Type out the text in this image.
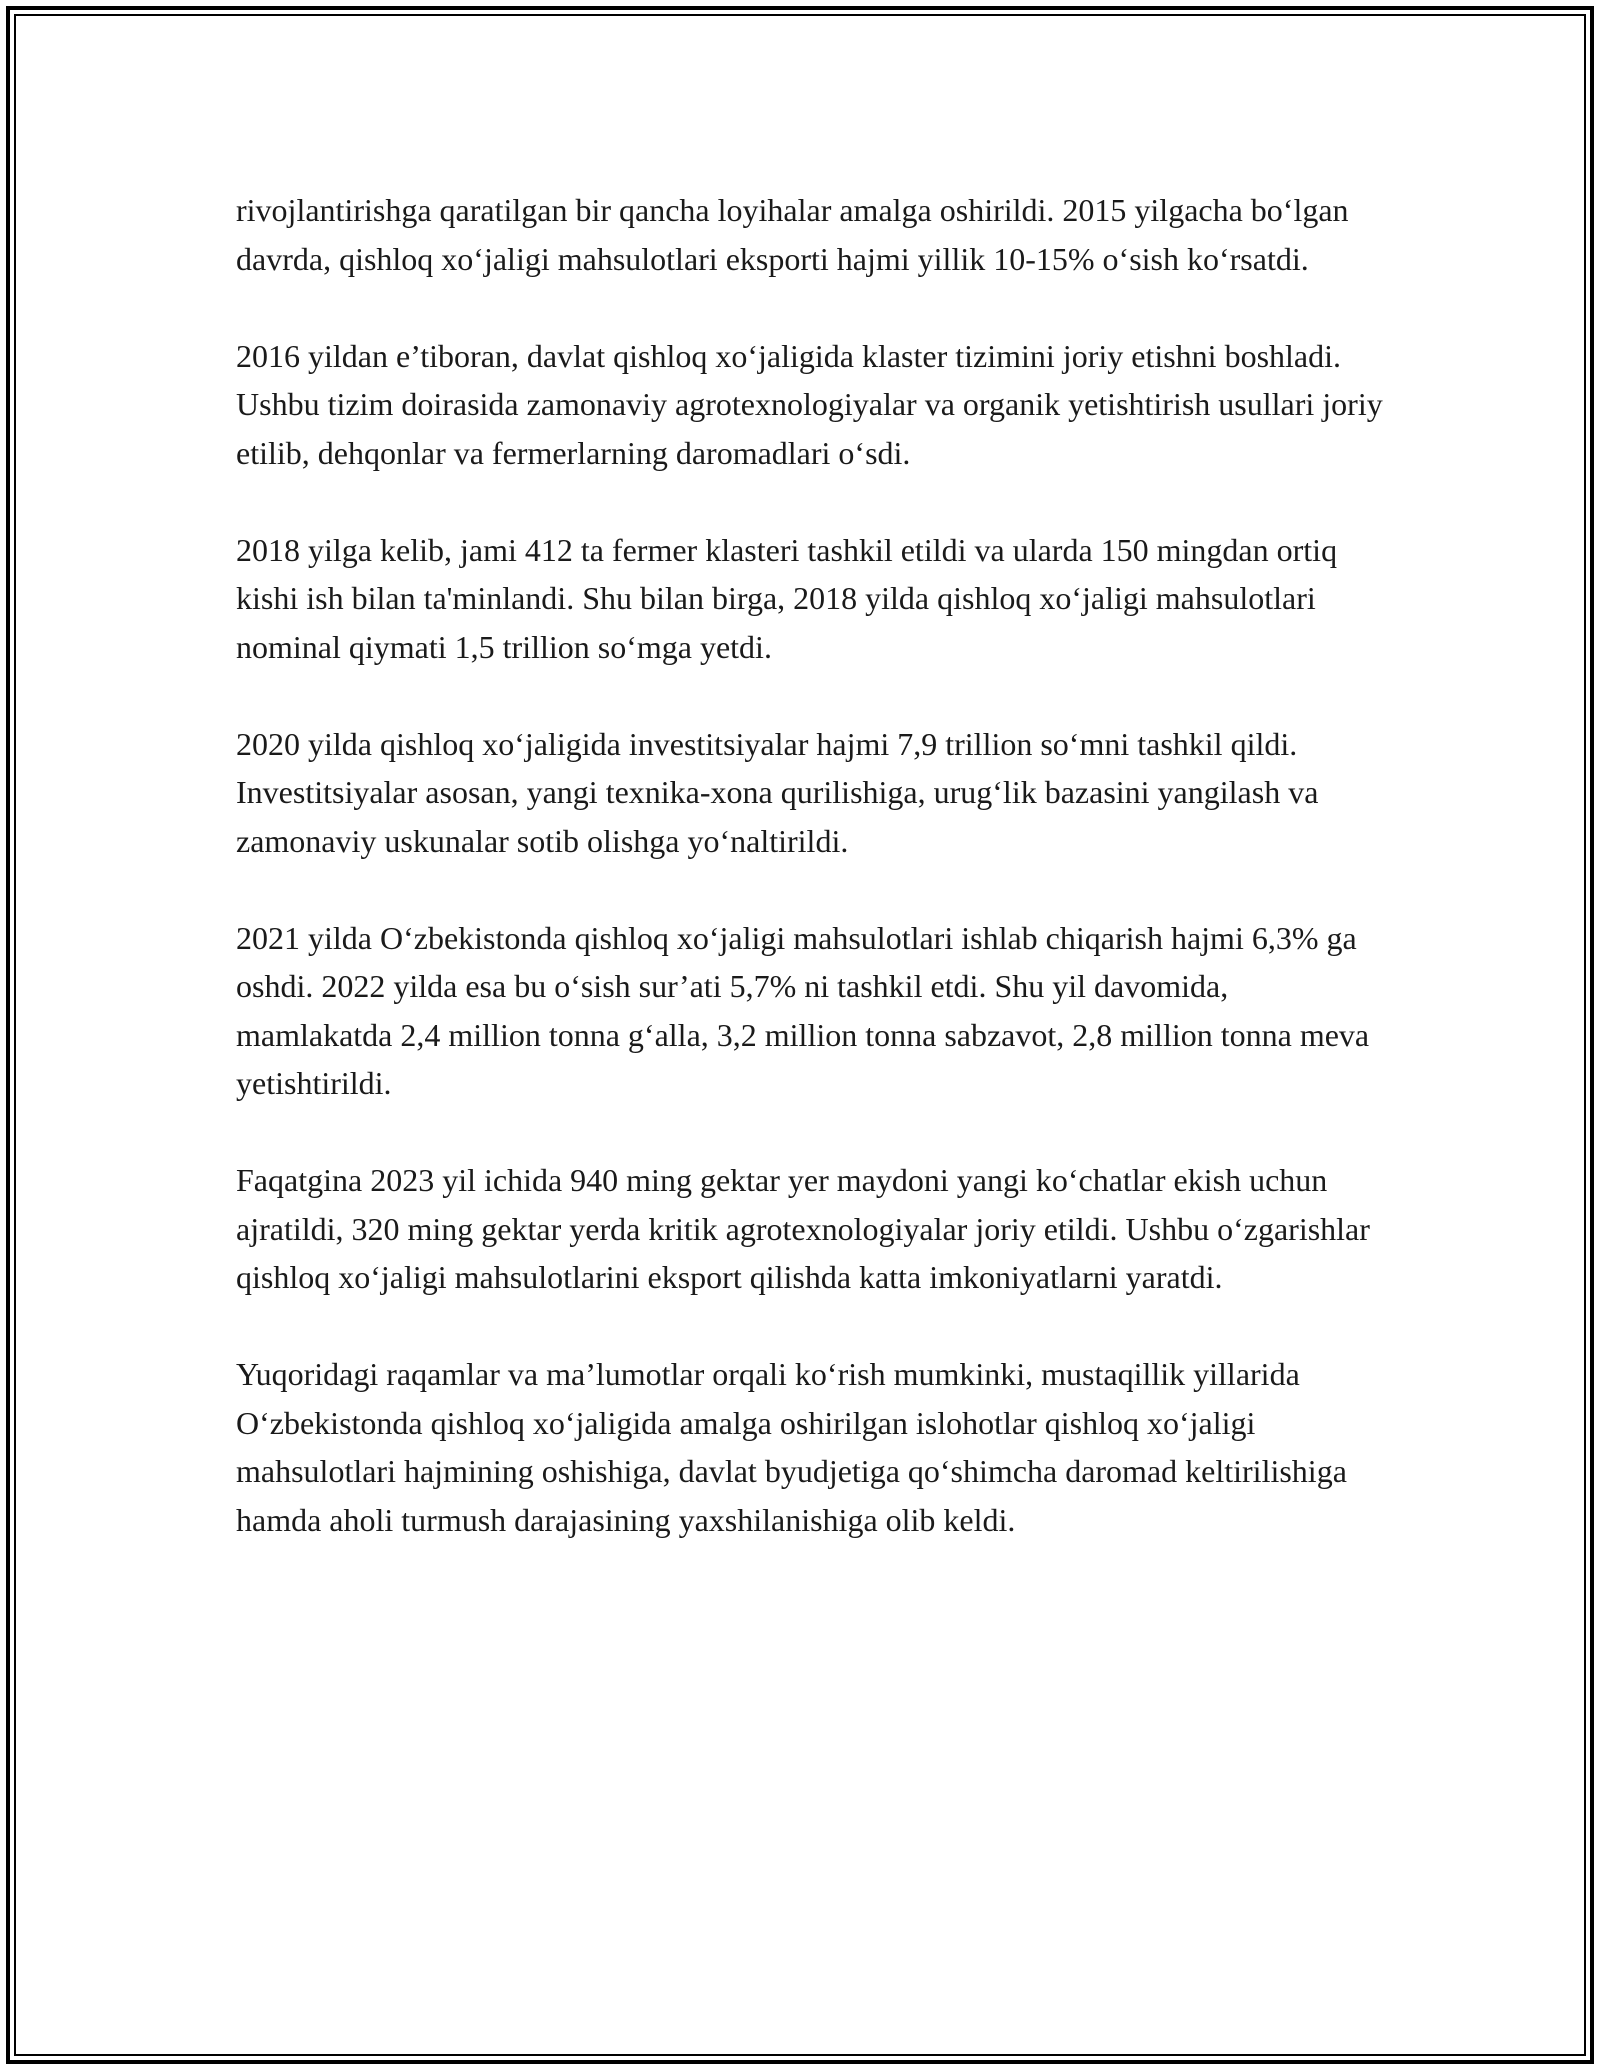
rivojlantirishga qaratilgan bir qancha loyihalar amalga oshirildi. 2015 yilgacha bo‘lgan davrda, qishloq xo‘jaligi mahsulotlari eksporti hajmi yillik 10-15% o‘sish ko‘rsatdi.

2016 yildan e’tiboran, davlat qishloq xo‘jaligida klaster tizimini joriy etishni boshladi. Ushbu tizim doirasida zamonaviy agrotexnologiyalar va organik yetishtirish usullari joriy etilib, dehqonlar va fermerlarning daromadlari o‘sdi.

2018 yilga kelib, jami 412 ta fermer klasteri tashkil etildi va ularda 150 mingdan ortiq kishi ish bilan ta'minlandi. Shu bilan birga, 2018 yilda qishloq xo‘jaligi mahsulotlari nominal qiymati 1,5 trillion so‘mga yetdi.

2020 yilda qishloq xo‘jaligida investitsiyalar hajmi 7,9 trillion so‘mni tashkil qildi. Investitsiyalar asosan, yangi texnika-xona qurilishiga, urug‘lik bazasini yangilash va zamonaviy uskunalar sotib olishga yo‘naltirildi.

2021 yilda O‘zbekistonda qishloq xo‘jaligi mahsulotlari ishlab chiqarish hajmi 6,3% ga oshdi. 2022 yilda esa bu o‘sish sur’ati 5,7% ni tashkil etdi. Shu yil davomida, mamlakatda 2,4 million tonna g‘alla, 3,2 million tonna sabzavot, 2,8 million tonna meva yetishtirildi.

Faqatgina 2023 yil ichida 940 ming gektar yer maydoni yangi ko‘chatlar ekish uchun ajratildi, 320 ming gektar yerda kritik agrotexnologiyalar joriy etildi. Ushbu o‘zgarishlar qishloq xo‘jaligi mahsulotlarini eksport qilishda katta imkoniyatlarni yaratdi.

Yuqoridagi raqamlar va ma’lumotlar orqali ko‘rish mumkinki, mustaqillik yillarida O‘zbekistonda qishloq xo‘jaligida amalga oshirilgan islohotlar qishloq xo‘jaligi mahsulotlari hajmining oshishiga, davlat byudjetiga qo‘shimcha daromad keltirilishiga hamda aholi turmush darajasining yaxshilanishiga olib keldi.
